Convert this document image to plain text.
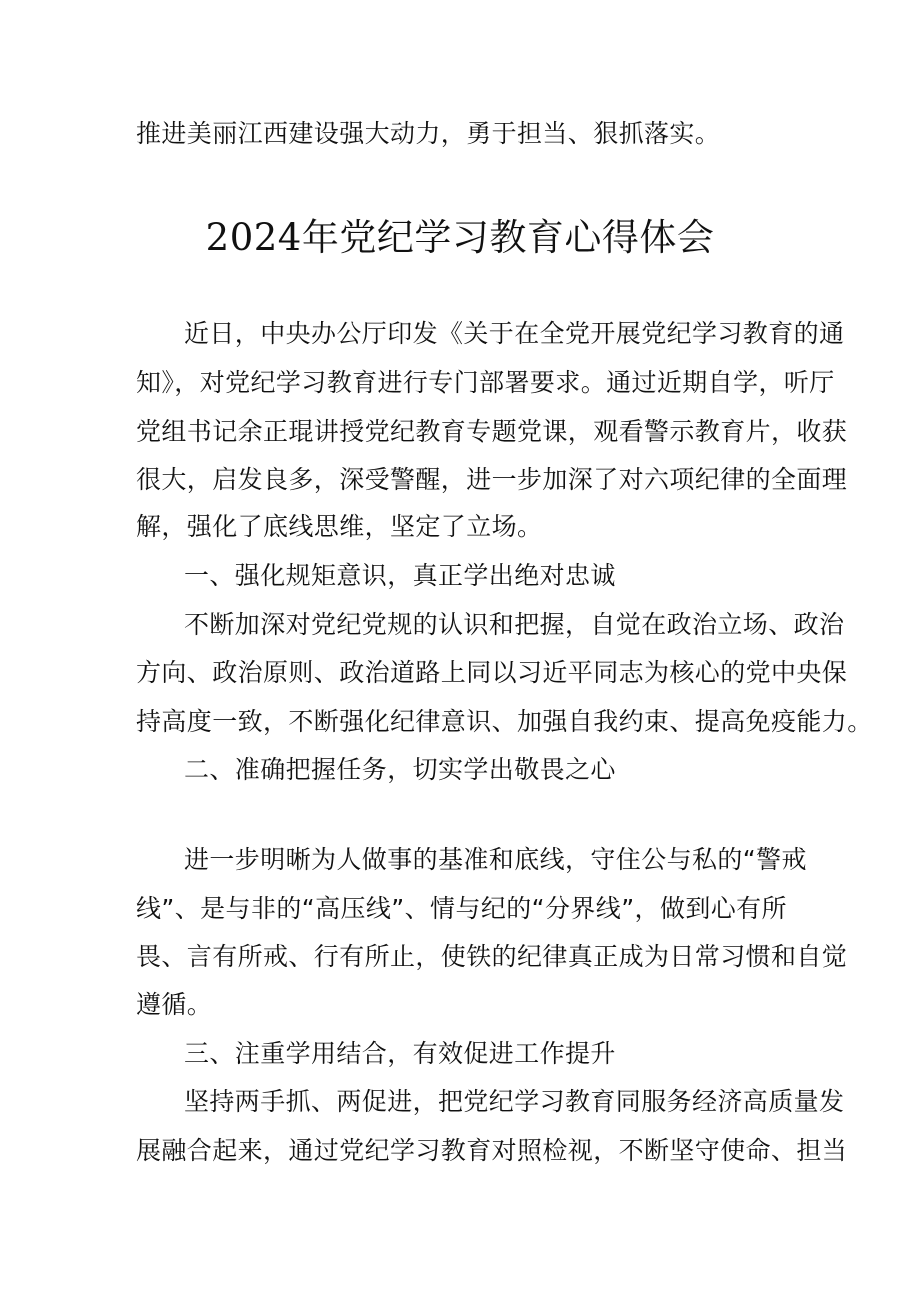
推进美丽江西建设强大动力，勇于担当、狠抓落实。
2024年党纪学习教育心得体会
近日，中央办公厅印发《关于在全党开展党纪学习教育的通
知》，对党纪学习教育进行专门部署要求。通过近期自学，听厅
党组书记余正琨讲授党纪教育专题党课，观看警示教育片，收获
很大，启发良多，深受警醒，进一步加深了对六项纪律的全面理
解，强化了底线思维，坚定了立场。
一、强化规矩意识，真正学出绝对忠诚
不断加深对党纪党规的认识和把握，自觉在政治立场、政治
方向、政治原则、政治道路上同以习近平同志为核心的党中央保
持高度一致，不断强化纪律意识、加强自我约束、提高免疫能力。
二、准确把握任务，切实学出敬畏之心
进一步明晰为人做事的基准和底线，守住公与私的“警戒
线”、是与非的“高压线”、情与纪的“分界线”，做到心有所
畏、言有所戒、行有所止，使铁的纪律真正成为日常习惯和自觉
遵循。
三、注重学用结合，有效促进工作提升
坚持两手抓、两促进，把党纪学习教育同服务经济高质量发
展融合起来，通过党纪学习教育对照检视，不断坚守使命、担当
